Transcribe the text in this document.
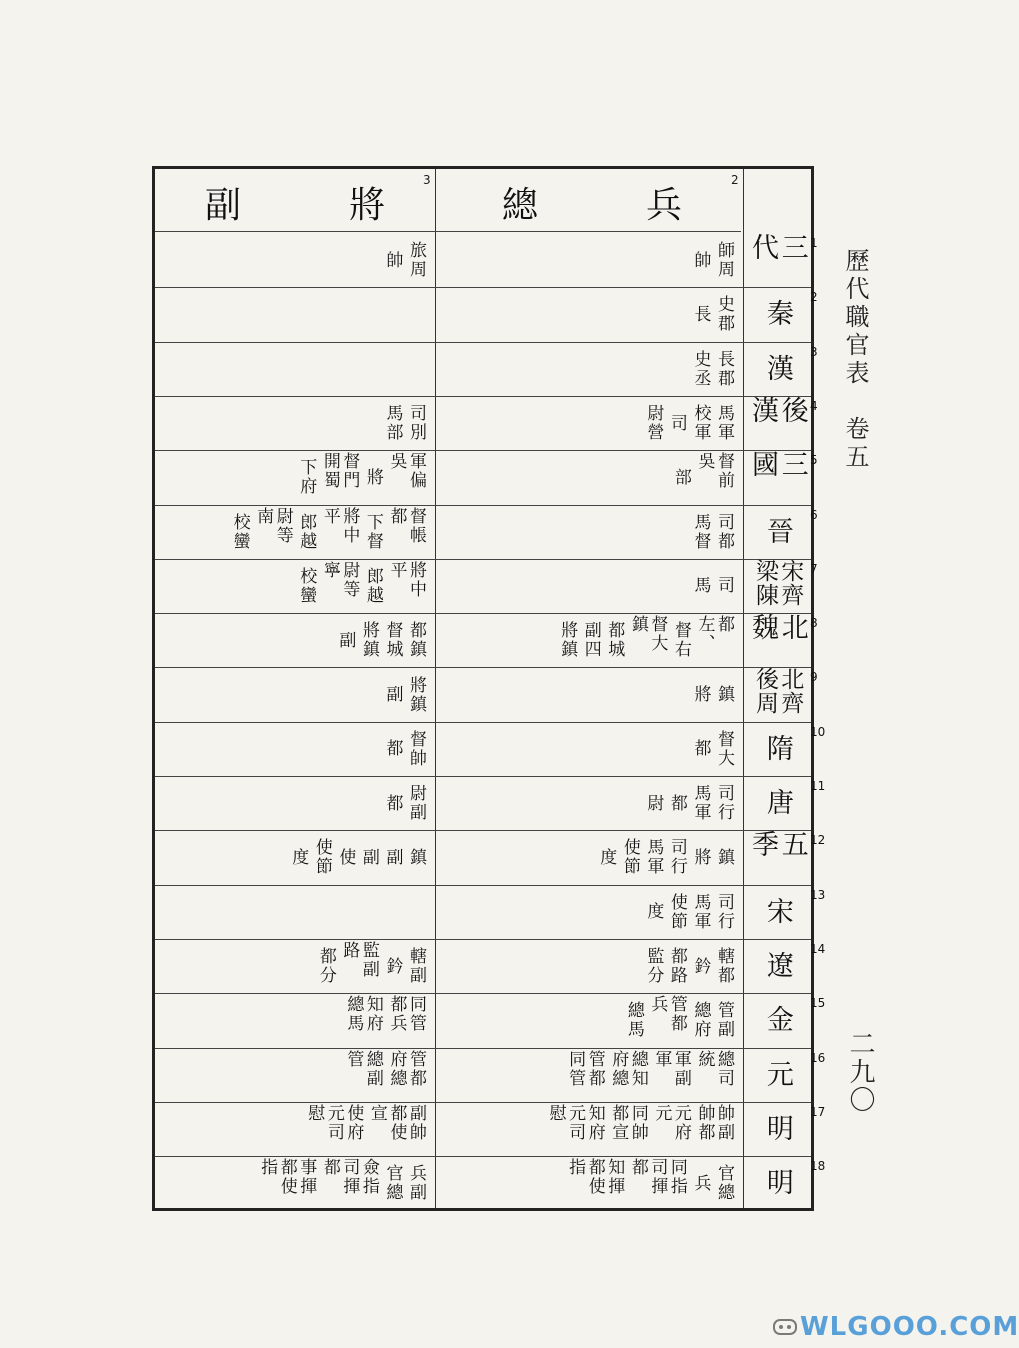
歷代職官表　卷五
二九〇
總　　　兵
2
副　　　將
3
1
三代
師周
帥
旅周
帥
2
秦
史郡
長
3
漢
長郡
史丞
4
後漢
馬軍
校軍
司
尉營
司別
馬部
5
三國
督前吳
部
軍偏吳
將
督門開蜀
下府
6
晉
司都
馬督
督帳都
下督
將中平
郎越
尉等南
校蠻
7
宋齊梁陳
司
馬
將中平
郎越
尉等寧
校蠻
8
北魏
都左、
督右
督大鎮
都城
副四
將鎮
都鎮
督城
將鎮
副
9
北齊後周
鎮
將
將鎮
副
10
隋
督大
都
督帥
都
11
唐
司行
馬軍
都
尉
尉副
都
12
五季
鎮
將
司行
馬軍
使節
度
鎮
副
副
使
使節
度
13
宋
司行
馬軍
使節
度
14
遼
轄都
鈐
都路
監分
轄副
鈐
監副路
都分
15
金
管副
總府
管都兵
總馬
同管都兵
知府總馬
16
元
總司統
軍副軍
總知府總
管都同管
管都府總
總副管
17
明
帥副帥都
元府元
同帥都宣
知府元司慰
副帥都使宣
使府元司慰
18
明
官總
兵
同指司揮都
知揮都使指
兵副
官總
僉指司揮都
事揮都使指
WLGOOO.COM
